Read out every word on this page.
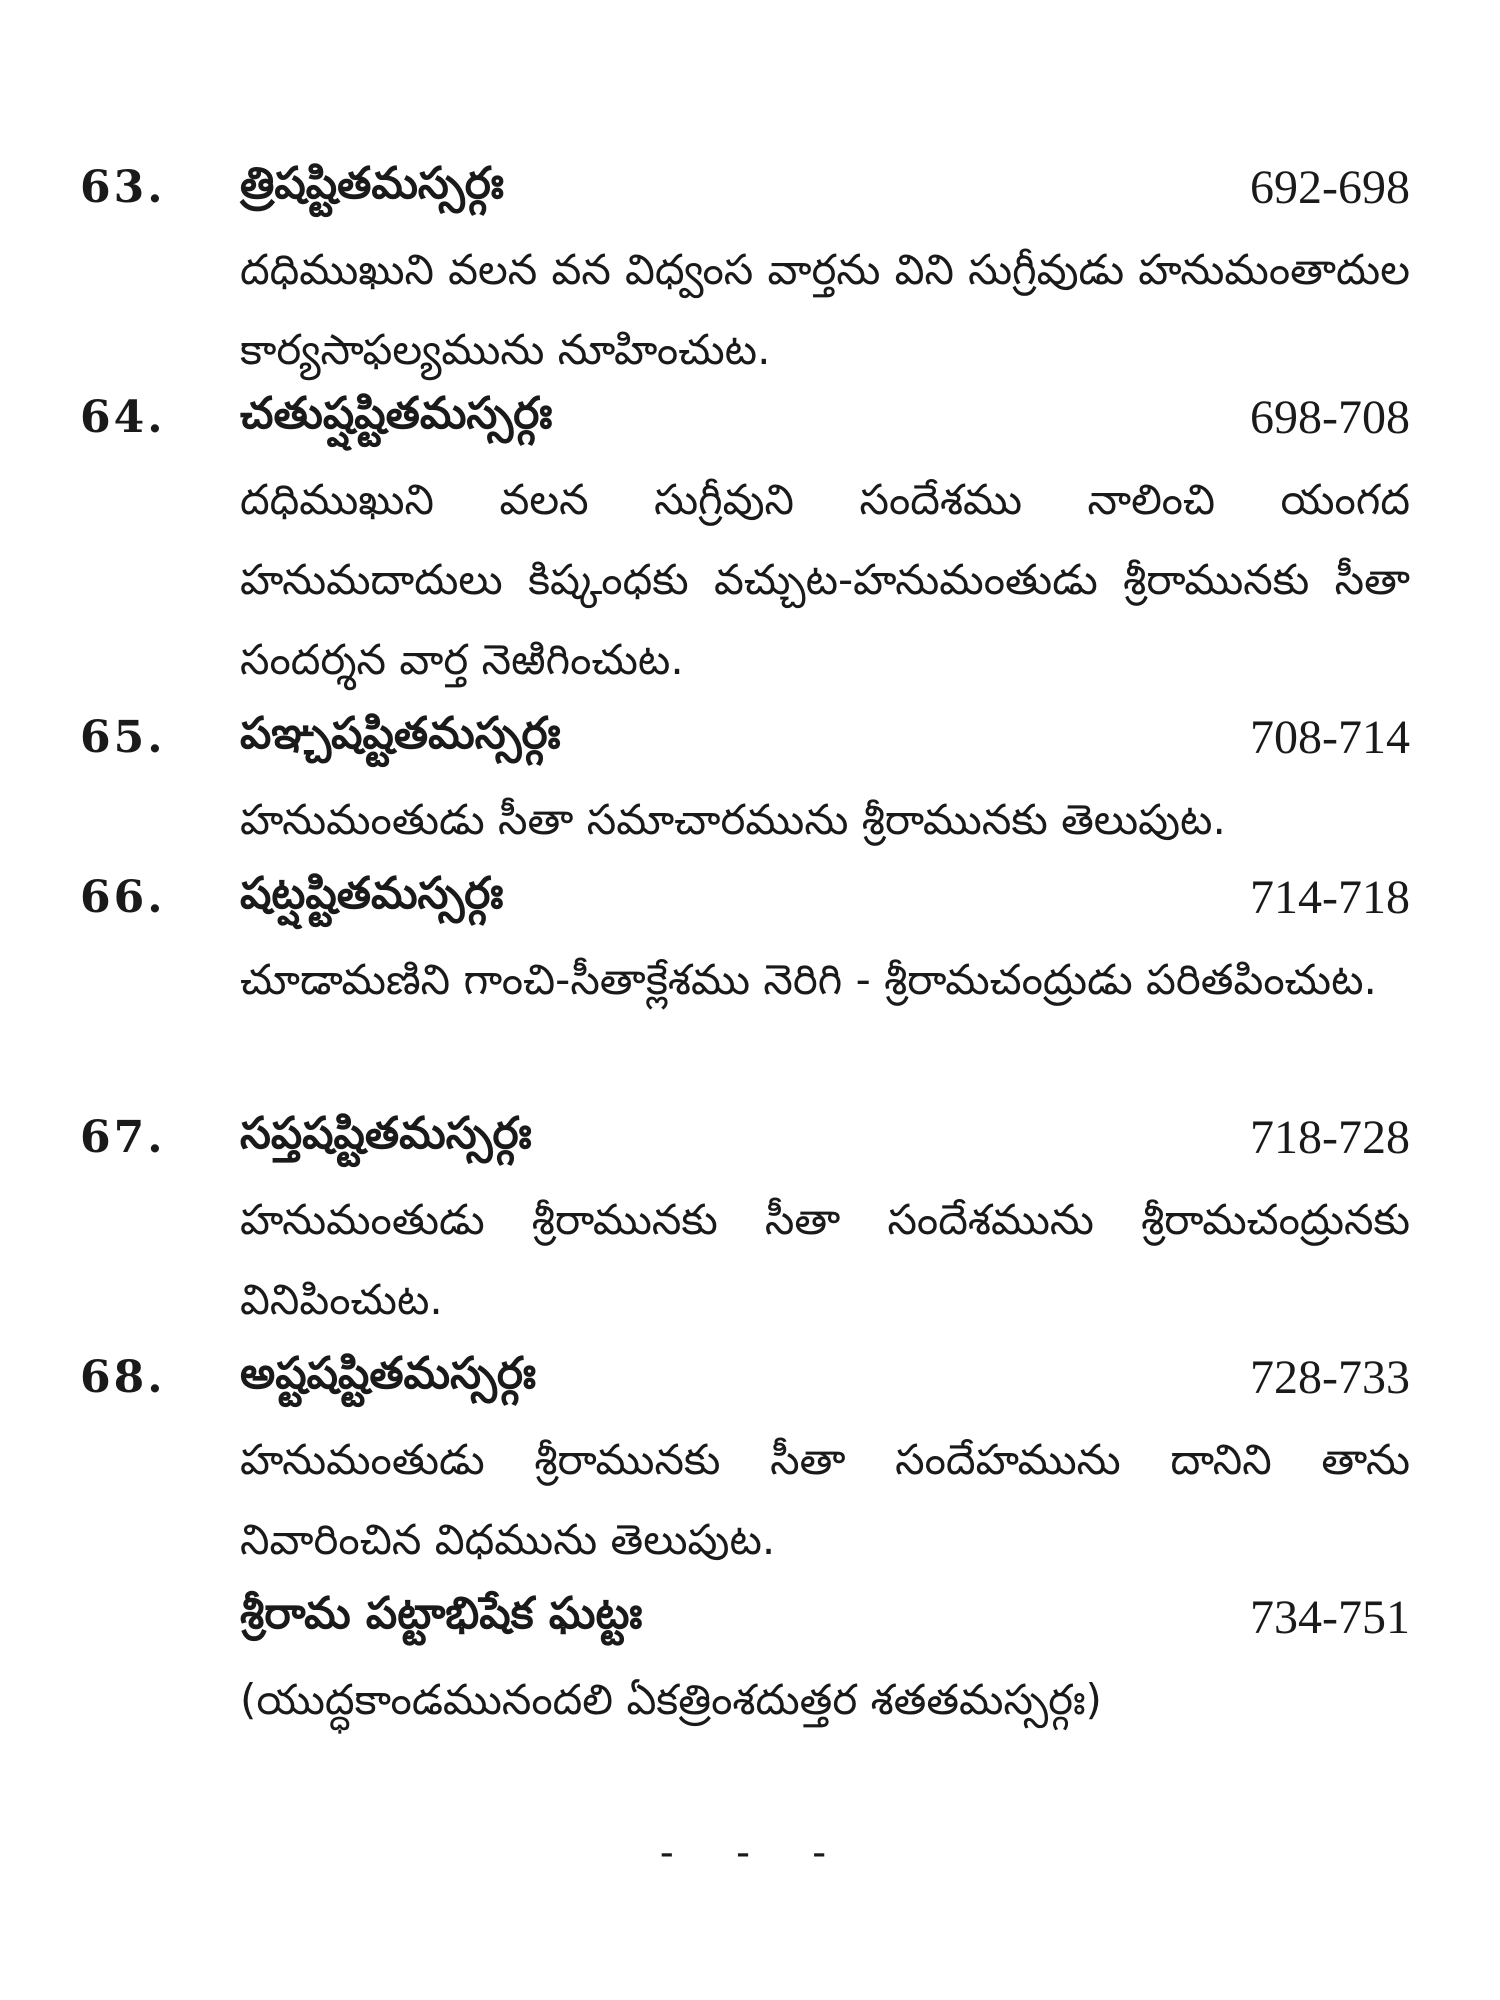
63. త్రిషష్టితమస్సర్గః	692-698
దధిముఖుని వలన వన విధ్వంస వార్తను విని సుగ్రీవుడు హనుమంతాదుల కార్యసాఫల్యమును నూహించుట.
64. చతుష్షష్టితమస్సర్గః	698-708
దధిముఖుని వలన సుగ్రీవుని సందేశము నాలించి యంగద హనుమదాదులు కిష్కంధకు వచ్చుట-హనుమంతుడు శ్రీరామునకు సీతా సందర్శన వార్త నెఱిగించుట.
65. పఞ్చషష్టితమస్సర్గః	708-714
హనుమంతుడు సీతా సమాచారమును శ్రీరామునకు తెలుపుట.
66. షట్షష్టితమస్సర్గః	714-718
చూడామణిని గాంచి-సీతాక్లేశము నెరిగి - శ్రీరామచంద్రుడు పరితపించుట.
67. సప్తషష్టితమస్సర్గః	718-728
హనుమంతుడు శ్రీరామునకు సీతా సందేశమును శ్రీరామచంద్రునకు వినిపించుట.
68. అష్టషష్టితమస్సర్గః	728-733
హనుమంతుడు శ్రీరామునకు సీతా సందేహమును దానిని తాను నివారించిన విధమును తెలుపుట.
శ్రీరామ పట్టాభిషేక ఘట్టః	734-751
(యుద్ధకాండమునందలి ఏకత్రింశదుత్తర శతతమస్సర్గః)
- - -
